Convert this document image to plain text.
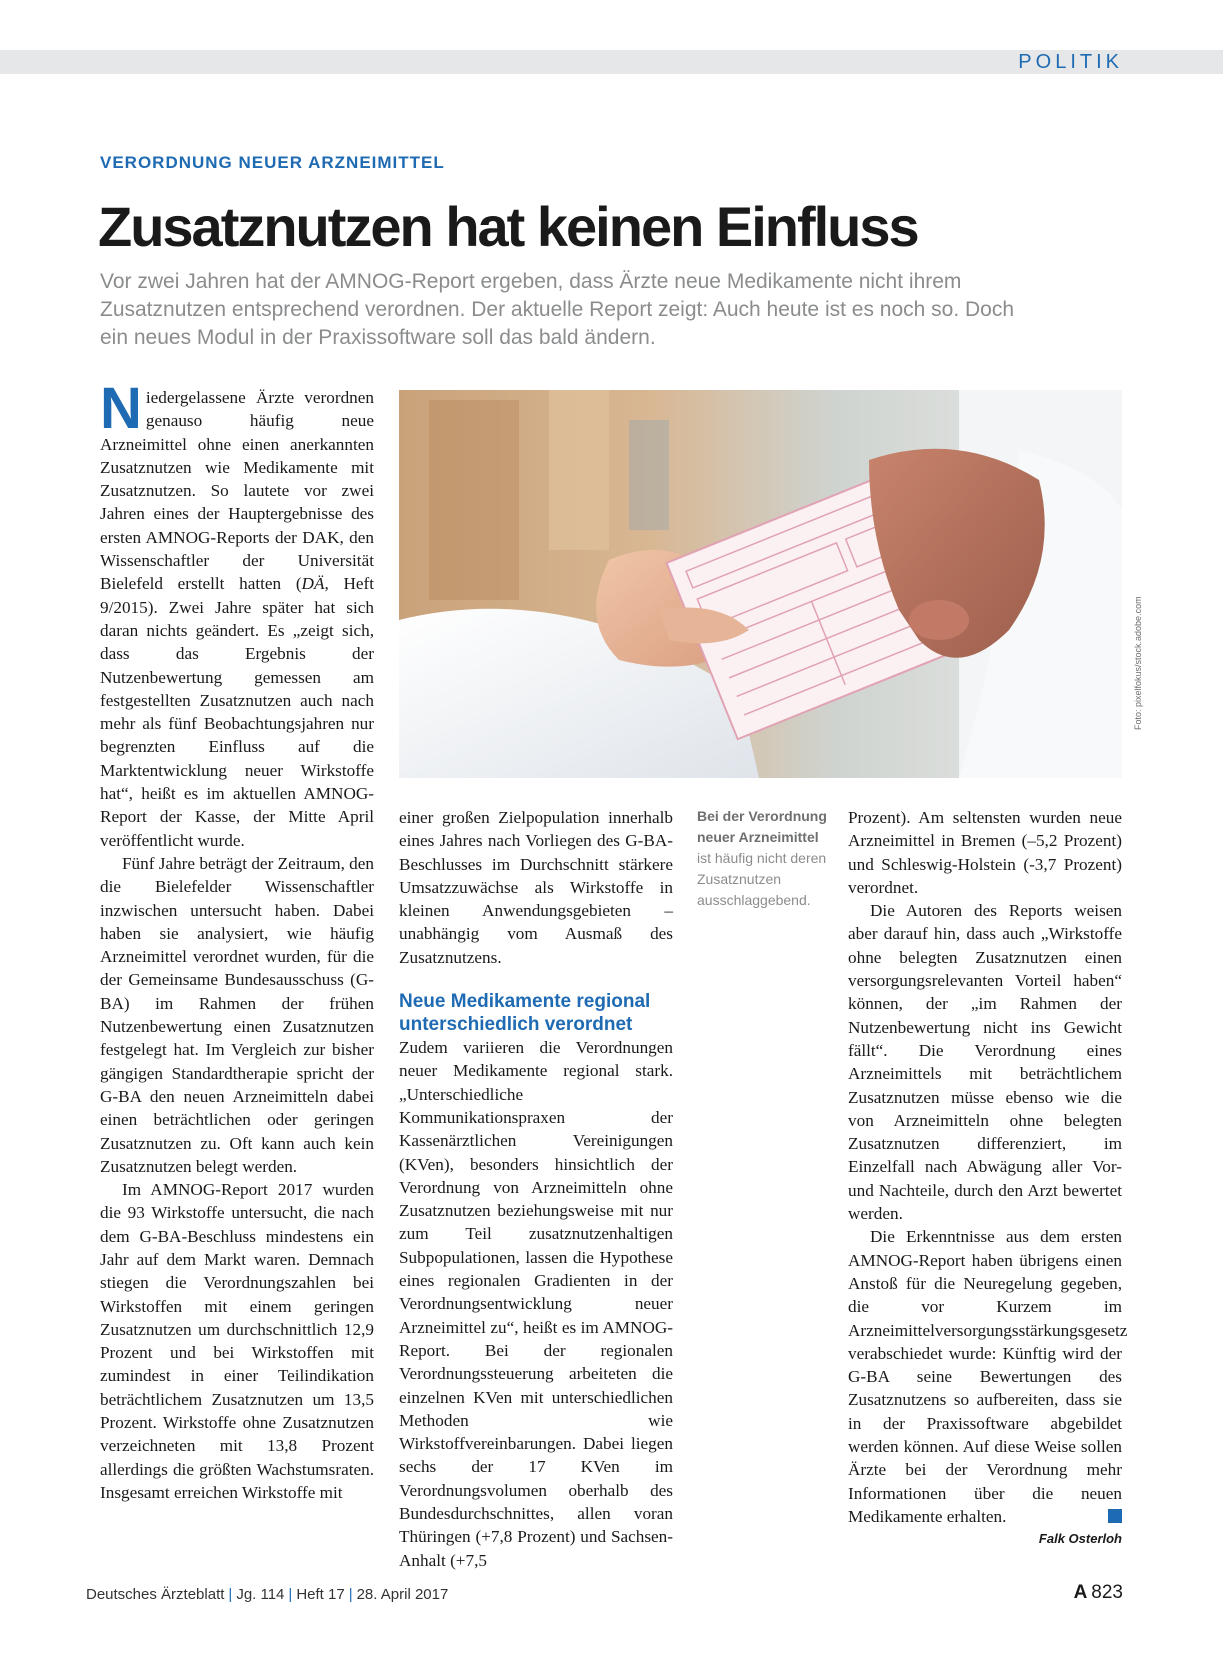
POLITIK
VERORDNUNG NEUER ARZNEIMITTEL
Zusatznutzen hat keinen Einfluss
Vor zwei Jahren hat der AMNOG-Report ergeben, dass Ärzte neue Medikamente nicht ihrem Zusatznutzen entsprechend verordnen. Der aktuelle Report zeigt: Auch heute ist es noch so. Doch ein neues Modul in der Praxissoftware soll das bald ändern.

Niedergelassene Ärzte verordnen genauso häufig neue Arzneimittel ohne einen anerkannten Zusatznutzen wie Medikamente mit Zusatznutzen. So lautete vor zwei Jahren eines der Hauptergebnisse des ersten AMNOG-Reports der DAK, den Wissenschaftler der Universität Bielefeld erstellt hatten (DÄ, Heft 9/2015). Zwei Jahre später hat sich daran nichts geändert. Es „zeigt sich, dass das Ergebnis der Nutzenbewertung gemessen am festgestellten Zusatznutzen auch nach mehr als fünf Beobachtungsjahren nur begrenzten Einfluss auf die Marktentwicklung neuer Wirkstoffe hat“, heißt es im aktuellen AMNOG-Report der Kasse, der Mitte April veröffentlicht wurde.

Fünf Jahre beträgt der Zeitraum, den die Bielefelder Wissenschaftler inzwischen untersucht haben. Dabei haben sie analysiert, wie häufig Arzneimittel verordnet wurden, für die der Gemeinsame Bundesausschuss (G-BA) im Rahmen der frühen Nutzenbewertung einen Zusatznutzen festgelegt hat. Im Vergleich zur bisher gängigen Standardtherapie spricht der G-BA den neuen Arzneimitteln dabei einen beträchtlichen oder geringen Zusatznutzen zu. Oft kann auch kein Zusatznutzen belegt werden.

Im AMNOG-Report 2017 wurden die 93 Wirkstoffe untersucht, die nach dem G-BA-Beschluss mindestens ein Jahr auf dem Markt waren. Demnach stiegen die Verordnungszahlen bei Wirkstoffen mit einem geringen Zusatznutzen um durchschnittlich 12,9 Prozent und bei Wirkstoffen mit zumindest in einer Teilindikation beträchtlichem Zusatznutzen um 13,5 Prozent. Wirkstoffe ohne Zusatznutzen verzeichneten mit 13,8 Prozent allerdings die größten Wachstumsraten. Insgesamt erreichen Wirkstoffe mit

Foto: pixelfokus/stock.adobe.com

einer großen Zielpopulation innerhalb eines Jahres nach Vorliegen des G-BA-Beschlusses im Durchschnitt stärkere Umsatzzuwächse als Wirkstoffe in kleinen Anwendungsgebieten – unabhängig vom Ausmaß des Zusatznutzens.

Neue Medikamente regional unterschiedlich verordnet

Zudem variieren die Verordnungen neuer Medikamente regional stark. „Unterschiedliche Kommunikationspraxen der Kassenärztlichen Vereinigungen (KVen), besonders hinsichtlich der Verordnung von Arzneimitteln ohne Zusatznutzen beziehungsweise mit nur zum Teil zusatznutzenhaltigen Subpopulationen, lassen die Hypothese eines regionalen Gradienten in der Verordnungsentwicklung neuer Arzneimittel zu“, heißt es im AMNOG-Report. Bei der regionalen Verordnungssteuerung arbeiteten die einzelnen KVen mit unterschiedlichen Methoden wie Wirkstoffvereinbarungen. Dabei liegen sechs der 17 KVen im Verordnungsvolumen oberhalb des Bundesdurchschnittes, allen voran Thüringen (+7,8 Prozent) und Sachsen-Anhalt (+7,5

Bei der Verordnung neuer Arzneimittel ist häufig nicht deren Zusatznutzen ausschlaggebend.

Prozent). Am seltensten wurden neue Arzneimittel in Bremen (–5,2 Prozent) und Schleswig-Holstein (-3,7 Prozent) verordnet.

Die Autoren des Reports weisen aber darauf hin, dass auch „Wirkstoffe ohne belegten Zusatznutzen einen versorgungsrelevanten Vorteil haben“ können, der „im Rahmen der Nutzenbewertung nicht ins Gewicht fällt“. Die Verordnung eines Arzneimittels mit beträchtlichem Zusatznutzen müsse ebenso wie die von Arzneimitteln ohne belegten Zusatznutzen differenziert, im Einzelfall nach Abwägung aller Vor- und Nachteile, durch den Arzt bewertet werden.

Die Erkenntnisse aus dem ersten AMNOG-Report haben übrigens einen Anstoß für die Neuregelung gegeben, die vor Kurzem im Arzneimittelversorgungsstärkungsgesetz verabschiedet wurde: Künftig wird der G-BA seine Bewertungen des Zusatznutzens so aufbereiten, dass sie in der Praxissoftware abgebildet werden können. Auf diese Weise sollen Ärzte bei der Verordnung mehr Informationen über die neuen Medikamente erhalten.

Falk Osterloh
Deutsches Ärzteblatt | Jg. 114 | Heft 17 | 28. April 2017	A 823
